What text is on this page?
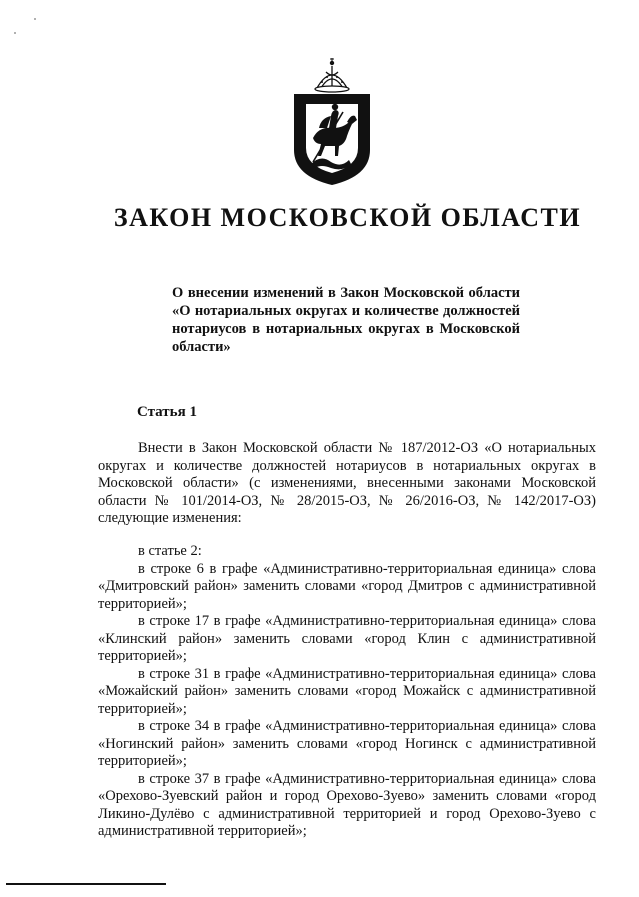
ЗАКОН МОСКОВСКОЙ ОБЛАСТИ
О внесении изменений в Закон Московской области «О нотариальных округах и количестве должностей нотариусов в нотариальных округах в Московской области»
Статья 1

Внести в Закон Московской области № 187/2012-ОЗ «О нотариальных округах и количестве должностей нотариусов в нотариальных округах в Московской области» (с изменениями, внесенными законами Московской области № 101/2014-ОЗ, № 28/2015-ОЗ, № 26/2016-ОЗ, № 142/2017-ОЗ) следующие изменения:

в статье 2:

в строке 6 в графе «Административно-территориальная единица» слова «Дмитровский район» заменить словами «город Дмитров с административной территорией»;

в строке 17 в графе «Административно-территориальная единица» слова «Клинский район» заменить словами «город Клин с административной территорией»;

в строке 31 в графе «Административно-территориальная единица» слова «Можайский район» заменить словами «город Можайск с административной территорией»;

в строке 34 в графе «Административно-территориальная единица» слова «Ногинский район» заменить словами «город Ногинск с административной территорией»;

в строке 37 в графе «Административно-территориальная единица» слова «Орехово-Зуевский район и город Орехово-Зуево» заменить словами «город Ликино-Дулёво с административной территорией и город Орехово-Зуево с административной территорией»;
